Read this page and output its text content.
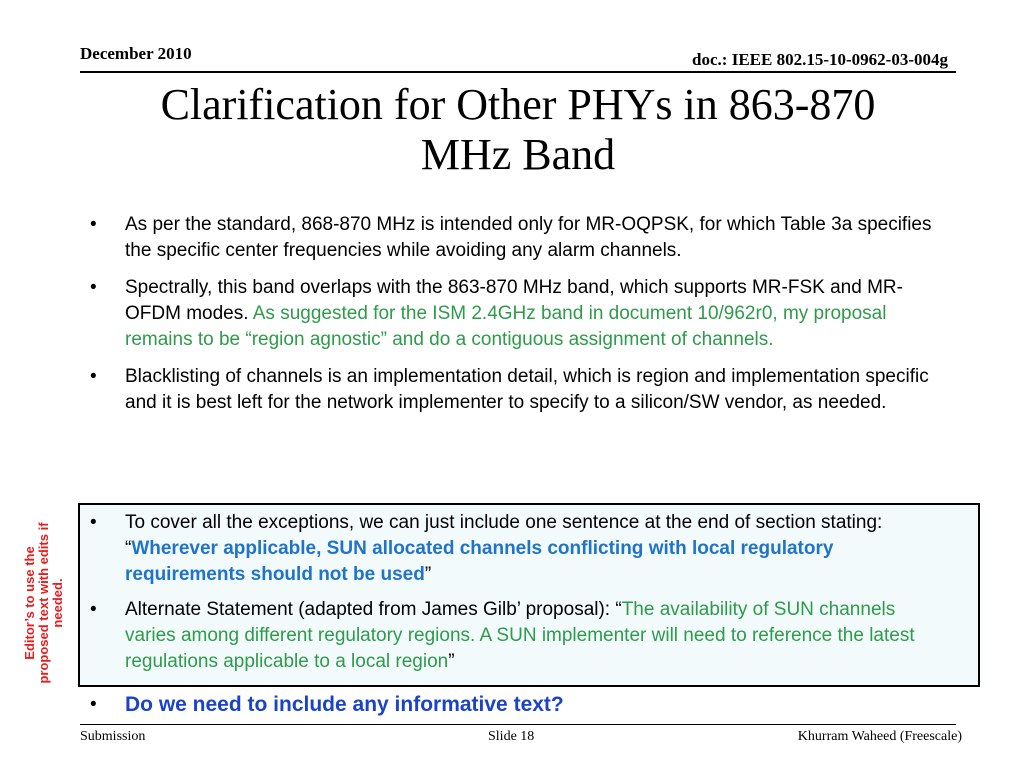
December 2010	doc.: IEEE 802.15-10-0962-03-004g
Clarification for Other PHYs in 863-870
MHz Band
• As per the standard, 868-870 MHz is intended only for MR-OQPSK, for which Table 3a specifies the specific center frequencies while avoiding any alarm channels.
• Spectrally, this band overlaps with the 863-870 MHz band, which supports MR-FSK and MR-OFDM modes. As suggested for the ISM 2.4GHz band in document 10/962r0, my proposal remains to be “region agnostic” and do a contiguous assignment of channels.
• Blacklisting of channels is an implementation detail, which is region and implementation specific and it is best left for the network implementer to specify to a silicon/SW vendor, as needed.
Editor’s to use the proposed text with edits if needed.
• To cover all the exceptions, we can just include one sentence at the end of section stating: “Wherever applicable, SUN allocated channels conflicting with local regulatory requirements should not be used”
• Alternate Statement (adapted from James Gilb’ proposal): “The availability of SUN channels varies among different regulatory regions. A SUN implementer will need to reference the latest regulations applicable to a local region”
• Do we need to include any informative text?
Submission	Slide 18	Khurram Waheed (Freescale)
